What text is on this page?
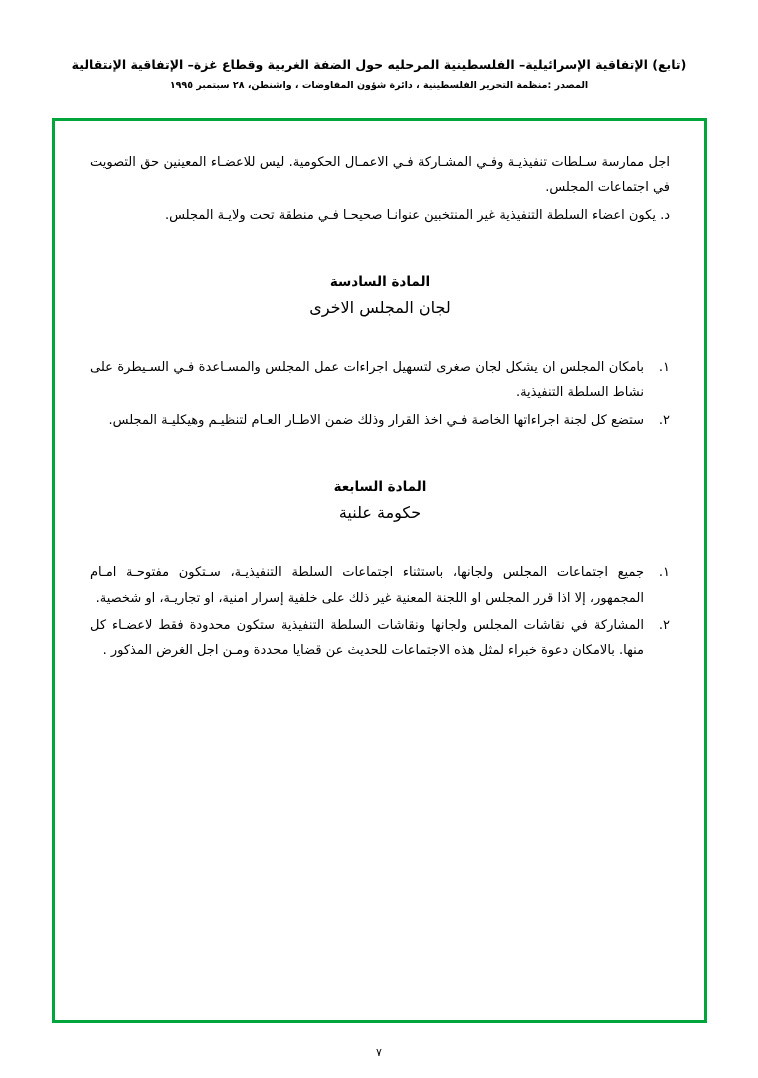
(تابع) الإتفاقية الإسرائيلية– الفلسطينية المرحليه حول الضفة الغربية وقطاع غزة– الإتفاقية الإنتقالية
المصدر :منظمة التحرير الفلسطينية ، دائرة شؤون المفاوضات ، واشنطن، ٢٨ سبتمبر ١٩٩٥

اجل ممارسة سـلطات تنفيذيـة وفـي المشـاركة فـي الاعمـال الحكومية. ليس للاعضـاء المعينين حق التصويت في اجتماعات المجلس.

د. يكون اعضاء السلطة التنفيذية غير المنتخبين عنوانـا صحيحـا فـي منطقة تحت ولايـة المجلس.

المادة السادسة
لجان المجلس الاخرى
١.
بامكان المجلس ان يشكل لجان صغرى لتسهيل اجراءات عمل المجلس والمسـاعدة فـي السـيطرة على نشاط السلطة التنفيذية.
٢.
ستضع كل لجنة اجراءاتها الخاصة فـي اخذ القرار وذلك ضمن الاطـار العـام لتنظيـم وهيكليـة المجلس.
المادة السابعة
حكومة علنية
١.
جميع اجتماعات المجلس ولجانها، باستثناء اجتماعات السلطة التنفيذيـة، سـتكون مفتوحـة امـام المجمهور، إلا اذا قرر المجلس او اللجنة المعنية غير ذلك على خلفية إسرار امنية، او تجاريـة، او شخصية.
٢.
المشاركة في نقاشات المجلس ولجانها ونقاشات السلطة التنفيذية ستكون محدودة فقط لاعضـاء كل منها. بالامكان دعوة خبراء لمثل هذه الاجتماعات للحديث عن قضايا محددة ومـن اجل الغرض المذكور .
٧
